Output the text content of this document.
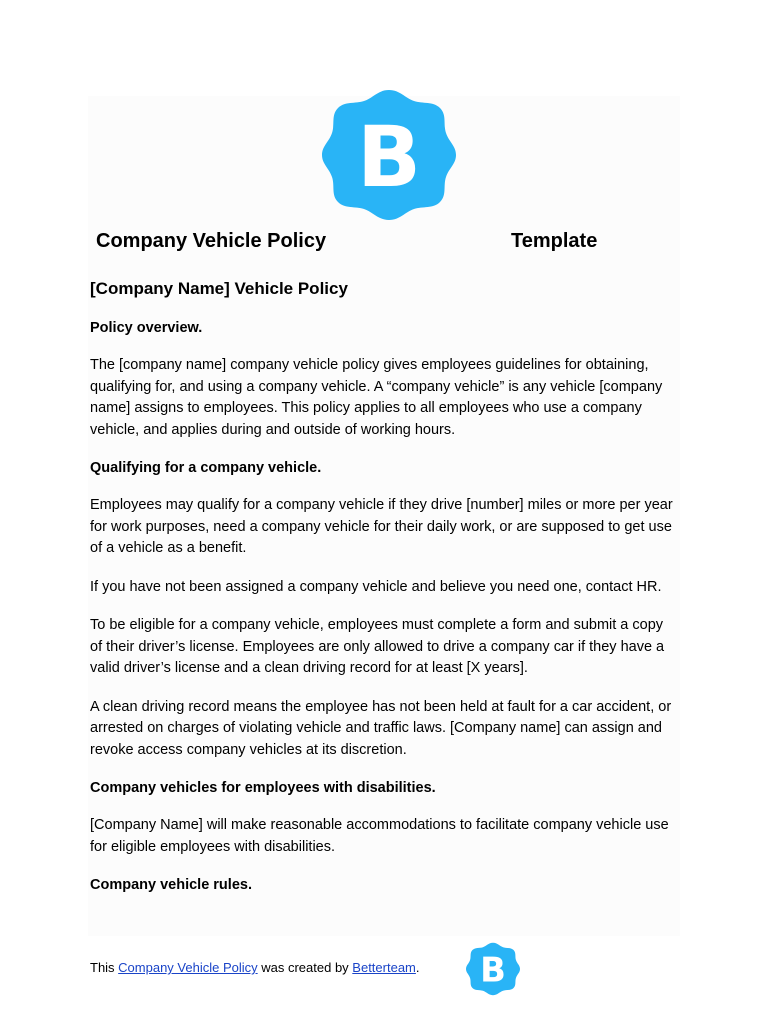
B
Company Vehicle Policy	Template
[Company Name] Vehicle Policy
Policy overview.
The [company name] company vehicle policy gives employees guidelines for obtaining, qualifying for, and using a company vehicle. A “company vehicle” is any vehicle [company name] assigns to employees. This policy applies to all employees who use a company vehicle, and applies during and outside of working hours.
Qualifying for a company vehicle.
Employees may qualify for a company vehicle if they drive [number] miles or more per year for work purposes, need a company vehicle for their daily work, or are supposed to get use of a vehicle as a benefit.
If you have not been assigned a company vehicle and believe you need one, contact HR.
To be eligible for a company vehicle, employees must complete a form and submit a copy of their driver’s license. Employees are only allowed to drive a company car if they have a valid driver’s license and a clean driving record for at least [X years].
A clean driving record means the employee has not been held at fault for a car accident, or arrested on charges of violating vehicle and traffic laws. [Company name] can assign and revoke access company vehicles at its discretion.
Company vehicles for employees with disabilities.
[Company Name] will make reasonable accommodations to facilitate company vehicle use for eligible employees with disabilities.
Company vehicle rules.
This Company Vehicle Policy was created by Betterteam. B
